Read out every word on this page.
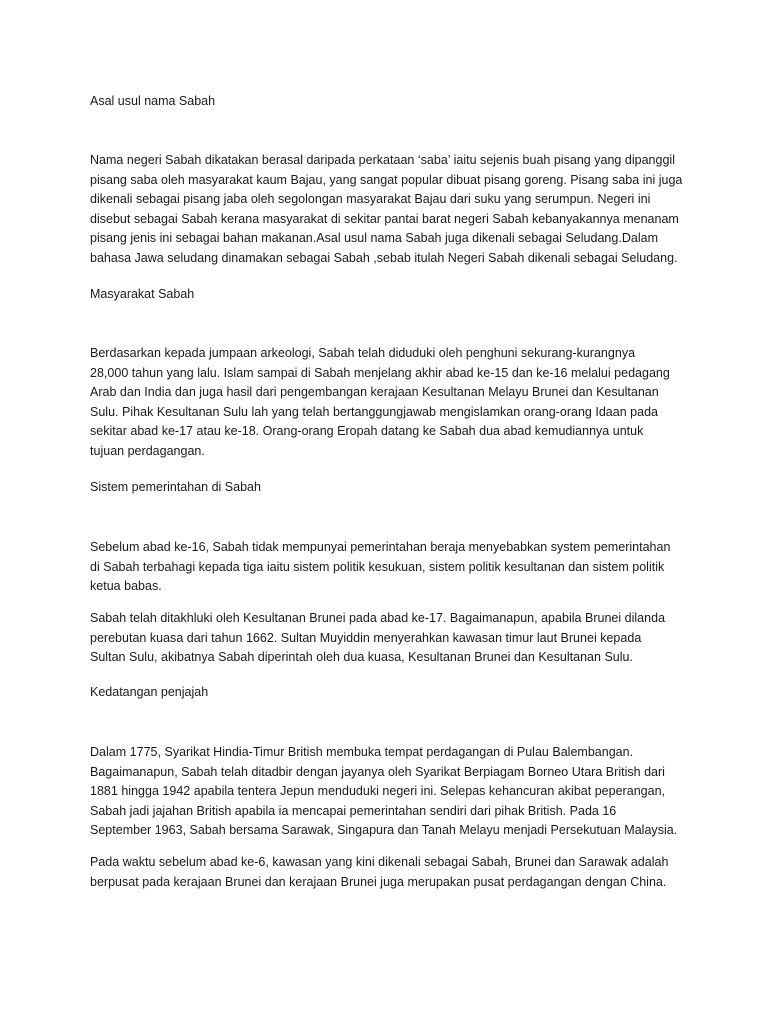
Asal usul nama Sabah
Nama negeri Sabah dikatakan berasal daripada perkataan ‘saba’ iaitu sejenis buah pisang yang dipanggil
pisang saba oleh masyarakat kaum Bajau, yang sangat popular dibuat pisang goreng. Pisang saba ini juga
dikenali sebagai pisang jaba oleh segolongan masyarakat Bajau dari suku yang serumpun. Negeri ini
disebut sebagai Sabah kerana masyarakat di sekitar pantai barat negeri Sabah kebanyakannya menanam
pisang jenis ini sebagai bahan makanan.Asal usul nama Sabah juga dikenali sebagai Seludang.Dalam
bahasa Jawa seludang dinamakan sebagai Sabah ,sebab itulah Negeri Sabah dikenali sebagai Seludang.
Masyarakat Sabah
Berdasarkan kepada jumpaan arkeologi, Sabah telah diduduki oleh penghuni sekurang-kurangnya
28,000 tahun yang lalu. Islam sampai di Sabah menjelang akhir abad ke-15 dan ke-16 melalui pedagang
Arab dan India dan juga hasil dari pengembangan kerajaan Kesultanan Melayu Brunei dan Kesultanan
Sulu. Pihak Kesultanan Sulu lah yang telah bertanggungjawab mengislamkan orang-orang Idaan pada
sekitar abad ke-17 atau ke-18. Orang-orang Eropah datang ke Sabah dua abad kemudiannya untuk
tujuan perdagangan.
Sistem pemerintahan di Sabah
Sebelum abad ke-16, Sabah tidak mempunyai pemerintahan beraja menyebabkan system pemerintahan
di Sabah terbahagi kepada tiga iaitu sistem politik kesukuan, sistem politik kesultanan dan sistem politik
ketua babas.
Sabah telah ditakhluki oleh Kesultanan Brunei pada abad ke-17. Bagaimanapun, apabila Brunei dilanda
perebutan kuasa dari tahun 1662. Sultan Muyiddin menyerahkan kawasan timur laut Brunei kepada
Sultan Sulu, akibatnya Sabah diperintah oleh dua kuasa, Kesultanan Brunei dan Kesultanan Sulu.
Kedatangan penjajah
Dalam 1775, Syarikat Hindia-Timur British membuka tempat perdagangan di Pulau Balembangan.
Bagaimanapun, Sabah telah ditadbir dengan jayanya oleh Syarikat Berpiagam Borneo Utara British dari
1881 hingga 1942 apabila tentera Jepun menduduki negeri ini. Selepas kehancuran akibat peperangan,
Sabah jadi jajahan British apabila ia mencapai pemerintahan sendiri dari pihak British. Pada 16
September 1963, Sabah bersama Sarawak, Singapura dan Tanah Melayu menjadi Persekutuan Malaysia.
Pada waktu sebelum abad ke-6, kawasan yang kini dikenali sebagai Sabah, Brunei dan Sarawak adalah
berpusat pada kerajaan Brunei dan kerajaan Brunei juga merupakan pusat perdagangan dengan China.
